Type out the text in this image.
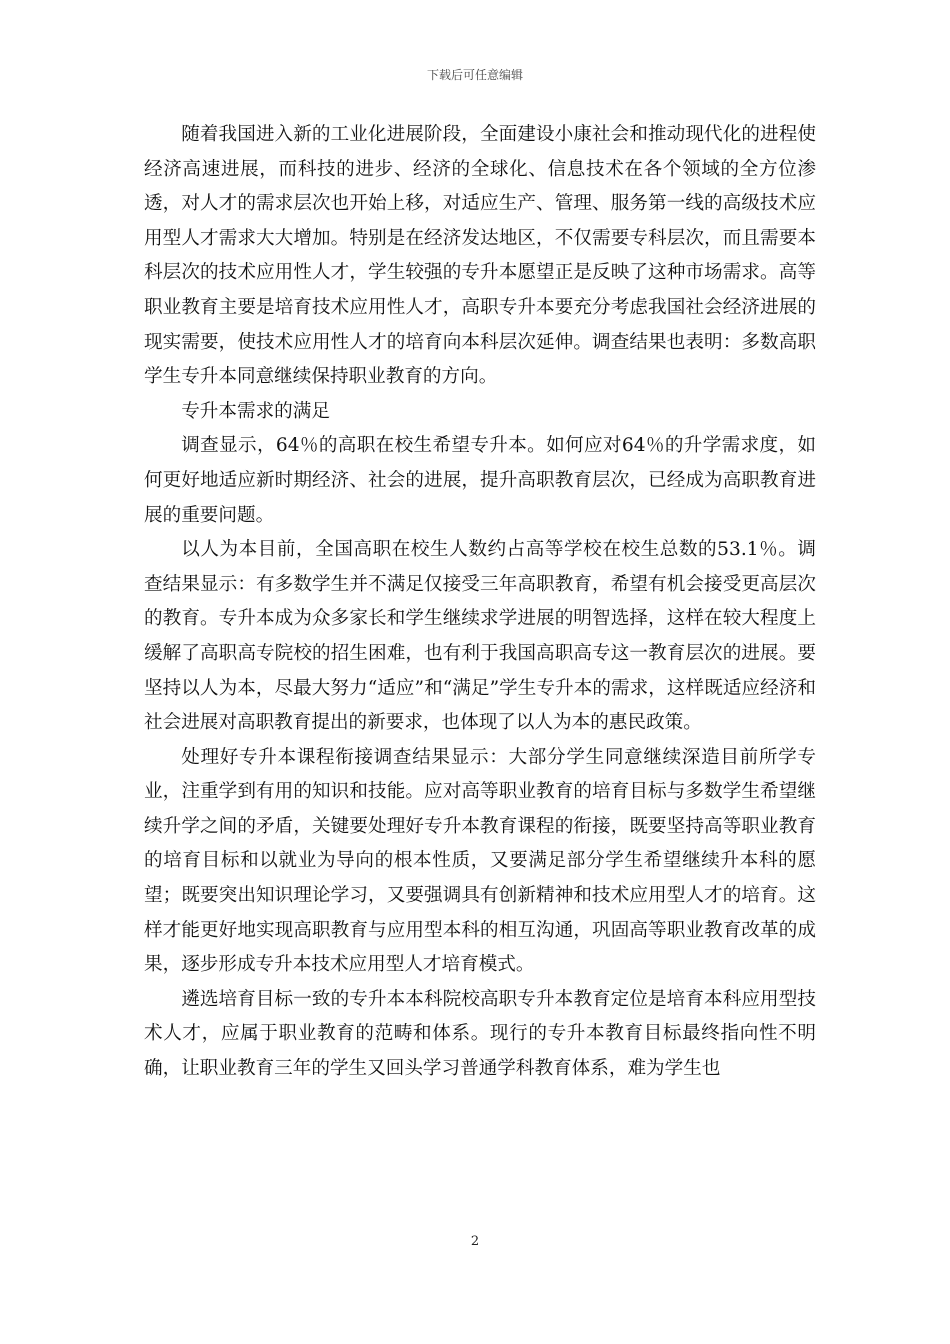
下载后可任意编辑

随着我国进入新的工业化进展阶段，全面建设小康社会和推动现代化的进程使经济高速进展，而科技的进步、经济的全球化、信息技术在各个领域的全方位渗透，对人才的需求层次也开始上移，对适应生产、管理、服务第一线的高级技术应用型人才需求大大增加。特别是在经济发达地区，不仅需要专科层次，而且需要本科层次的技术应用性人才，学生较强的专升本愿望正是反映了这种市场需求。高等职业教育主要是培育技术应用性人才，高职专升本要充分考虑我国社会经济进展的现实需要，使技术应用性人才的培育向本科层次延伸。调查结果也表明：多数高职学生专升本同意继续保持职业教育的方向。

专升本需求的满足

调查显示，64％的高职在校生希望专升本。如何应对64％的升学需求度，如何更好地适应新时期经济、社会的进展，提升高职教育层次，已经成为高职教育进展的重要问题。

以人为本目前，全国高职在校生人数约占高等学校在校生总数的53.1％。调查结果显示：有多数学生并不满足仅接受三年高职教育，希望有机会接受更高层次的教育。专升本成为众多家长和学生继续求学进展的明智选择，这样在较大程度上缓解了高职高专院校的招生困难，也有利于我国高职高专这一教育层次的进展。要坚持以人为本，尽最大努力“适应”和“满足”学生专升本的需求，这样既适应经济和社会进展对高职教育提出的新要求，也体现了以人为本的惠民政策。

处理好专升本课程衔接调查结果显示：大部分学生同意继续深造目前所学专业，注重学到有用的知识和技能。应对高等职业教育的培育目标与多数学生希望继续升学之间的矛盾，关键要处理好专升本教育课程的衔接，既要坚持高等职业教育的培育目标和以就业为导向的根本性质，又要满足部分学生希望继续升本科的愿望；既要突出知识理论学习，又要强调具有创新精神和技术应用型人才的培育。这样才能更好地实现高职教育与应用型本科的相互沟通，巩固高等职业教育改革的成果，逐步形成专升本技术应用型人才培育模式。

遴选培育目标一致的专升本本科院校高职专升本教育定位是培育本科应用型技术人才，应属于职业教育的范畴和体系。现行的专升本教育目标最终指向性不明确，让职业教育三年的学生又回头学习普通学科教育体系，难为学生也

2
